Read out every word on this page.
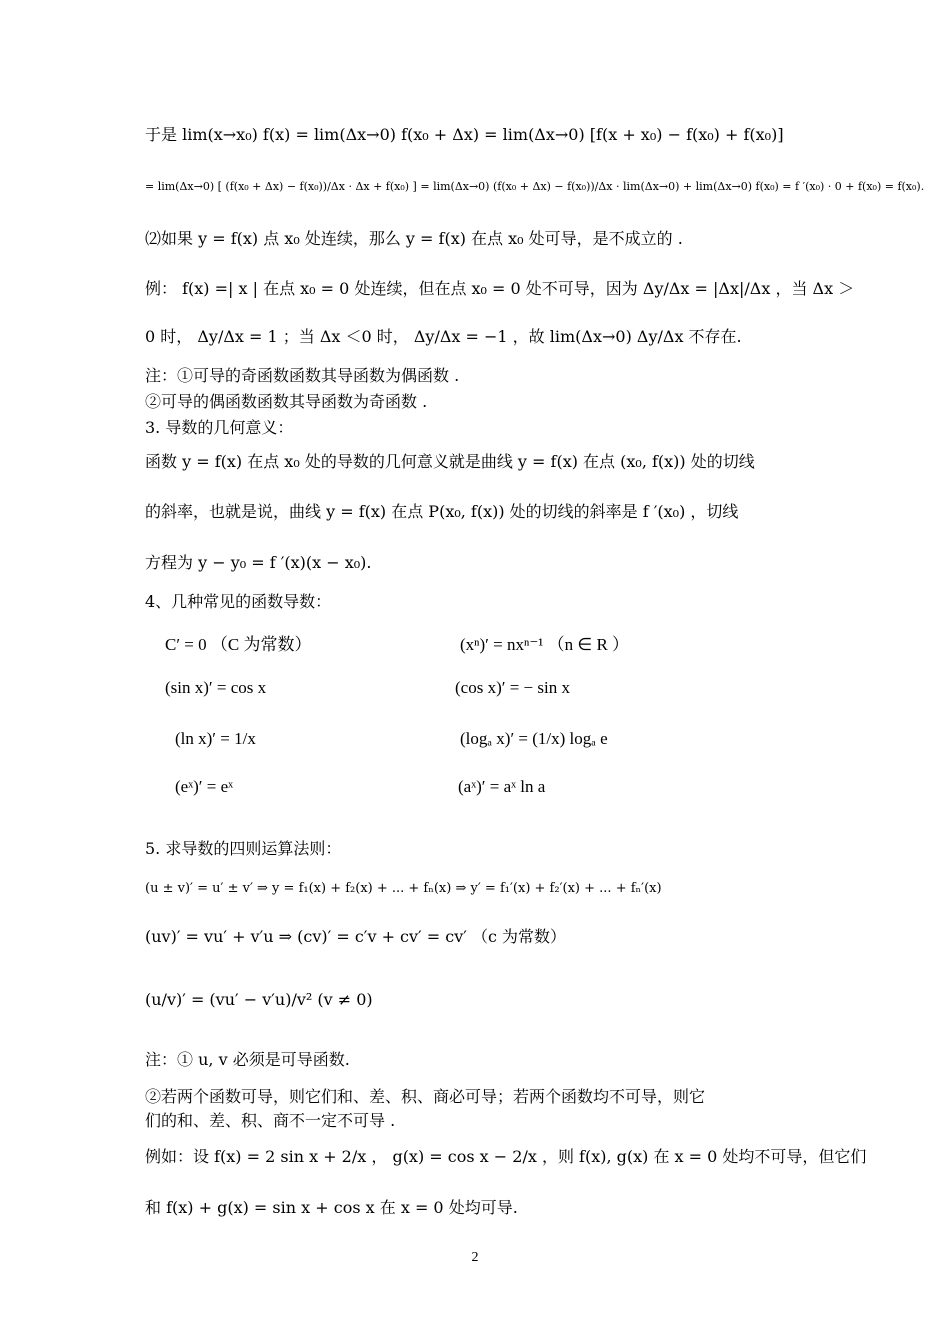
于是 lim(x→x₀) f(x) = lim(Δx→0) f(x₀ + Δx) = lim(Δx→0) [f(x + x₀) − f(x₀) + f(x₀)]
= lim(Δx→0) [ (f(x₀ + Δx) − f(x₀))/Δx · Δx + f(x₀) ] = lim(Δx→0) (f(x₀ + Δx) − f(x₀))/Δx · lim(Δx→0) + lim(Δx→0) f(x₀) = f ′(x₀) · 0 + f(x₀) = f(x₀).
⑵如果 y = f(x) 点 x₀ 处连续，那么 y = f(x) 在点 x₀ 处可导，是不成立的 .
例： f(x) =| x | 在点 x₀ = 0 处连续，但在点 x₀ = 0 处不可导，因为 Δy/Δx = |Δx|/Δx ，当 Δx ＞
0 时， Δy/Δx = 1 ；当 Δx ＜0 时， Δy/Δx = −1 ，故 lim(Δx→0) Δy/Δx 不存在.
注：①可导的奇函数函数其导函数为偶函数 .
②可导的偶函数函数其导函数为奇函数 .
3. 导数的几何意义：
函数 y = f(x) 在点 x₀ 处的导数的几何意义就是曲线 y = f(x) 在点 (x₀, f(x)) 处的切线
的斜率，也就是说，曲线 y = f(x) 在点 P(x₀, f(x)) 处的切线的斜率是 f ′(x₀) ，切线
方程为 y − y₀ = f ′(x)(x − x₀).
4、几种常见的函数导数：
C′ = 0 （C 为常数）	(xⁿ)′ = nxⁿ⁻¹ （n ∈ R ）
(sin x)′ = cos x	(cos x)′ = − sin x
(ln x)′ = 1/x	(logₐ x)′ = (1/x) logₐ e
(eˣ)′ = eˣ	(aˣ)′ = aˣ ln a
5. 求导数的四则运算法则：
(u ± v)′ = u′ ± v′ ⇒ y = f₁(x) + f₂(x) + ... + fₙ(x) ⇒ y′ = f₁′(x) + f₂′(x) + ... + fₙ′(x)
(uv)′ = vu′ + v′u ⇒ (cv)′ = c′v + cv′ = cv′ （c 为常数）
(u/v)′ = (vu′ − v′u)/v² (v ≠ 0)
注：① u, v 必须是可导函数.
②若两个函数可导，则它们和、差、积、商必可导；若两个函数均不可导，则它
们的和、差、积、商不一定不可导 .
例如：设 f(x) = 2 sin x + 2/x ， g(x) = cos x − 2/x ，则 f(x), g(x) 在 x = 0 处均不可导，但它们
和 f(x) + g(x) = sin x + cos x 在 x = 0 处均可导.
2
